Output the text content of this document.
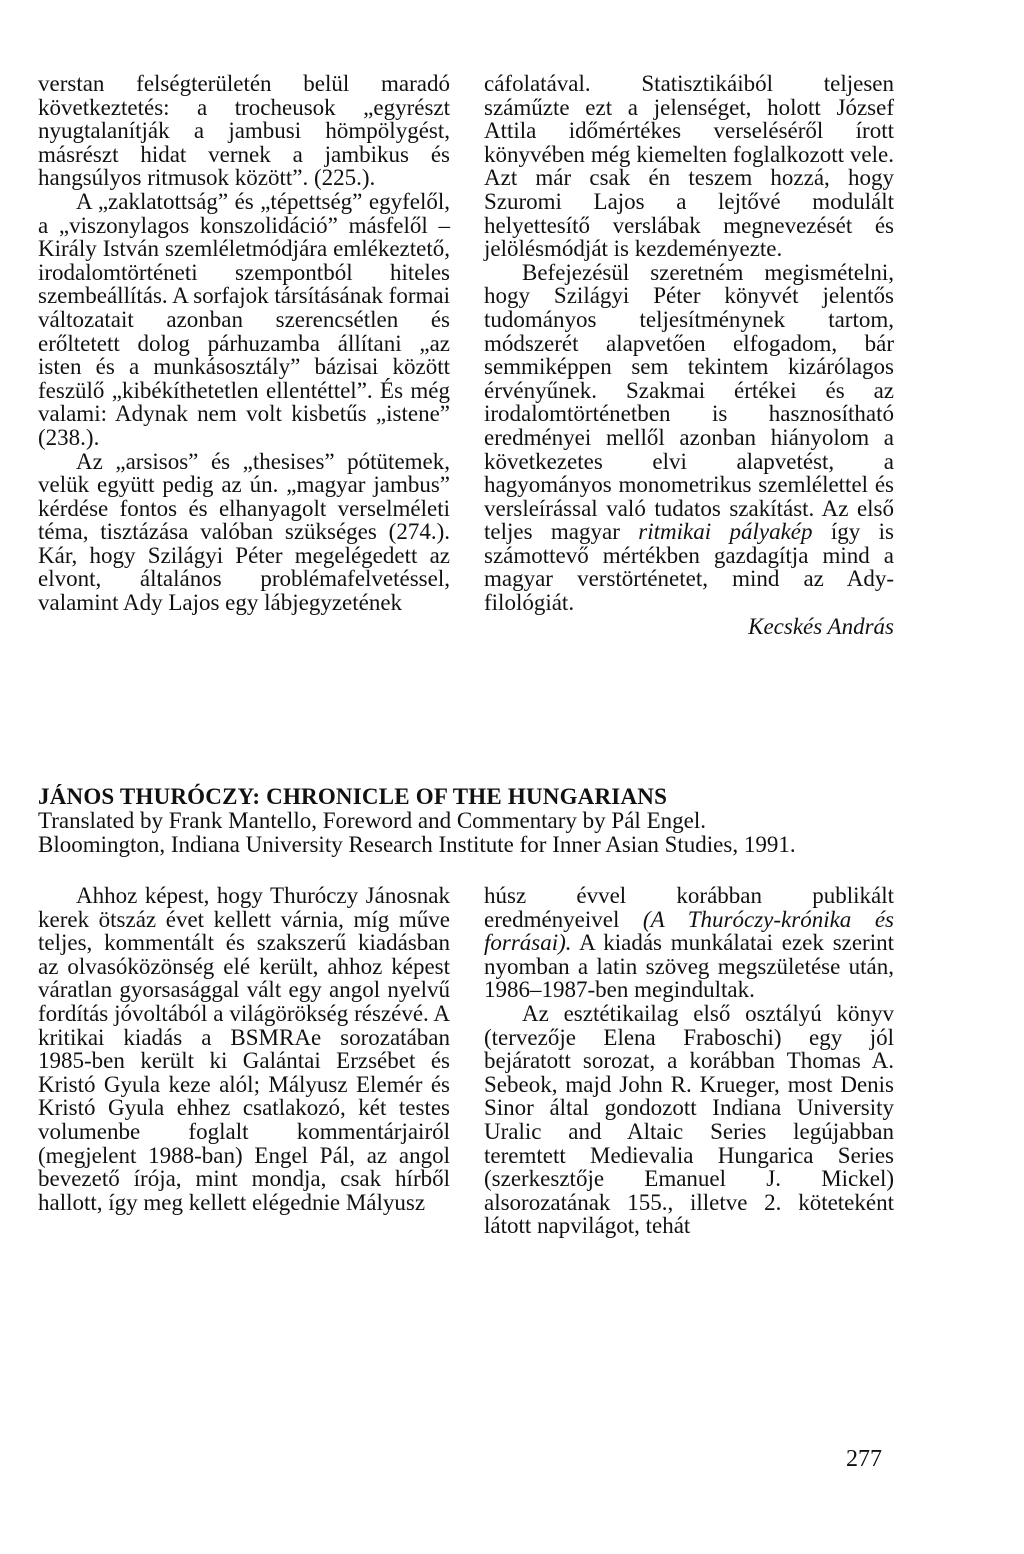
verstan felségterületén belül maradó következtetés: a trocheusok „egyrészt nyugtalanítják a jambusi hömpölygést, másrészt hidat vernek a jambikus és hangsúlyos ritmusok között”. (225.).

A „zaklatottság” és „tépettség” egyfelől, a „viszonylagos konszolidáció” másfelől – Király István szemléletmódjára emlékeztető, irodalomtörténeti szempontból hiteles szembeállítás. A sorfajok társításának formai változatait azonban szerencsétlen és erőltetett dolog párhuzamba állítani „az isten és a munkásosztály” bázisai között feszülő „kibékíthetetlen ellentéttel”. És még valami: Adynak nem volt kisbetűs „istene” (238.).

Az „arsisos” és „thesises” pótütemek, velük együtt pedig az ún. „magyar jambus” kérdése fontos és elhanyagolt verselméleti téma, tisztázása valóban szükséges (274.). Kár, hogy Szilágyi Péter megelégedett az elvont, általános problémafelvetéssel, valamint Ady Lajos egy lábjegyzetének

cáfolatával. Statisztikáiból teljesen száműzte ezt a jelenséget, holott József Attila időmértékes verseléséről írott könyvében még kiemelten foglalkozott vele. Azt már csak én teszem hozzá, hogy Szuromi Lajos a lejtővé modulált helyettesítő verslábak megnevezését és jelölésmódját is kezdeményezte.

Befejezésül szeretném megismételni, hogy Szilágyi Péter könyvét jelentős tudományos teljesítménynek tartom, módszerét alapvetően elfogadom, bár semmiképpen sem tekintem kizárólagos érvényűnek. Szakmai értékei és az irodalomtörténetben is hasznosítható eredményei mellől azonban hiányolom a következetes elvi alapvetést, a hagyományos monometrikus szemlélettel és versleírással való tudatos szakítást. Az első teljes magyar ritmikai pályakép így is számottevő mértékben gazdagítja mind a magyar verstörténetet, mind az Ady-filológiát.

Kecskés András

JÁNOS THURÓCZY: CHRONICLE OF THE HUNGARIANS
Translated by Frank Mantello, Foreword and Commentary by Pál Engel.
Bloomington, Indiana University Research Institute for Inner Asian Studies, 1991.

Ahhoz képest, hogy Thuróczy Jánosnak kerek ötszáz évet kellett várnia, míg műve teljes, kommentált és szakszerű kiadásban az olvasóközönség elé került, ahhoz képest váratlan gyorsasággal vált egy angol nyelvű fordítás jóvoltából a világörökség részévé. A kritikai kiadás a BSMRAe sorozatában 1985-ben került ki Galántai Erzsébet és Kristó Gyula keze alól; Mályusz Elemér és Kristó Gyula ehhez csatlakozó, két testes volumenbe foglalt kommentárjairól (megjelent 1988-ban) Engel Pál, az angol bevezető írója, mint mondja, csak hírből hallott, így meg kellett elégednie Mályusz

húsz évvel korábban publikált eredményeivel (A Thuróczy-krónika és forrásai). A kiadás munkálatai ezek szerint nyomban a latin szöveg megszületése után, 1986–1987-ben megindultak.

Az esztétikailag első osztályú könyv (tervezője Elena Fraboschi) egy jól bejáratott sorozat, a korábban Thomas A. Sebeok, majd John R. Krueger, most Denis Sinor által gondozott Indiana University Uralic and Altaic Series legújabban teremtett Medievalia Hungarica Series (szerkesztője Emanuel J. Mickel) alsorozatának 155., illetve 2. köteteként látott napvilágot, tehát

277
